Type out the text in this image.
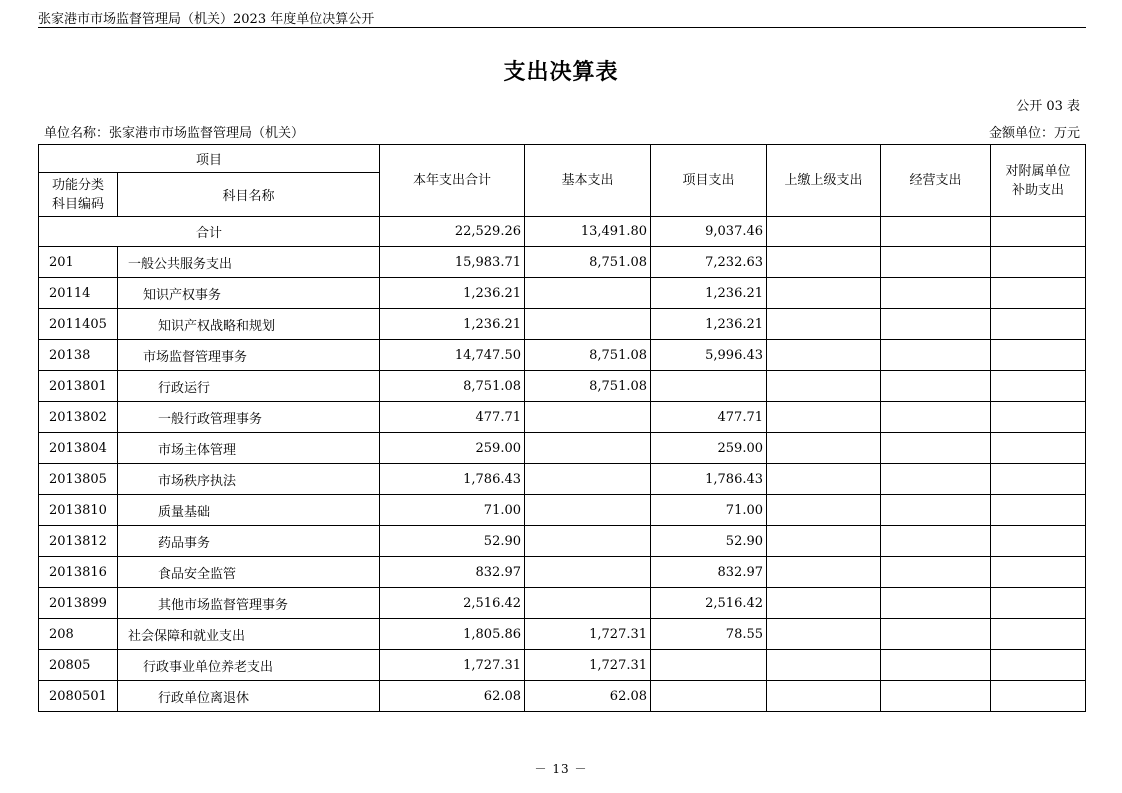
张家港市市场监督管理局（机关）2023 年度单位决算公开
支出决算表
公开 03 表
单位名称：张家港市市场监督管理局（机关）	金额单位：万元
项目		本年支出合计	基本支出	项目支出	上缴上级支出	经营支出	对附属单位补助支出
功能分类科目编码	科目名称						
合计		22,529.26	13,491.80	9,037.46			
201	一般公共服务支出	15,983.71	8,751.08	7,232.63			
20114	知识产权事务	1,236.21		1,236.21			
2011405	知识产权战略和规划	1,236.21		1,236.21			
20138	市场监督管理事务	14,747.50	8,751.08	5,996.43			
2013801	行政运行	8,751.08	8,751.08				
2013802	一般行政管理事务	477.71		477.71			
2013804	市场主体管理	259.00		259.00			
2013805	市场秩序执法	1,786.43		1,786.43			
2013810	质量基础	71.00		71.00			
2013812	药品事务	52.90		52.90			
2013816	食品安全监管	832.97		832.97			
2013899	其他市场监督管理事务	2,516.42		2,516.42			
208	社会保障和就业支出	1,805.86	1,727.31	78.55			
20805	行政事业单位养老支出	1,727.31	1,727.31				
2080501	行政单位离退休	62.08	62.08				
－ 13 －
